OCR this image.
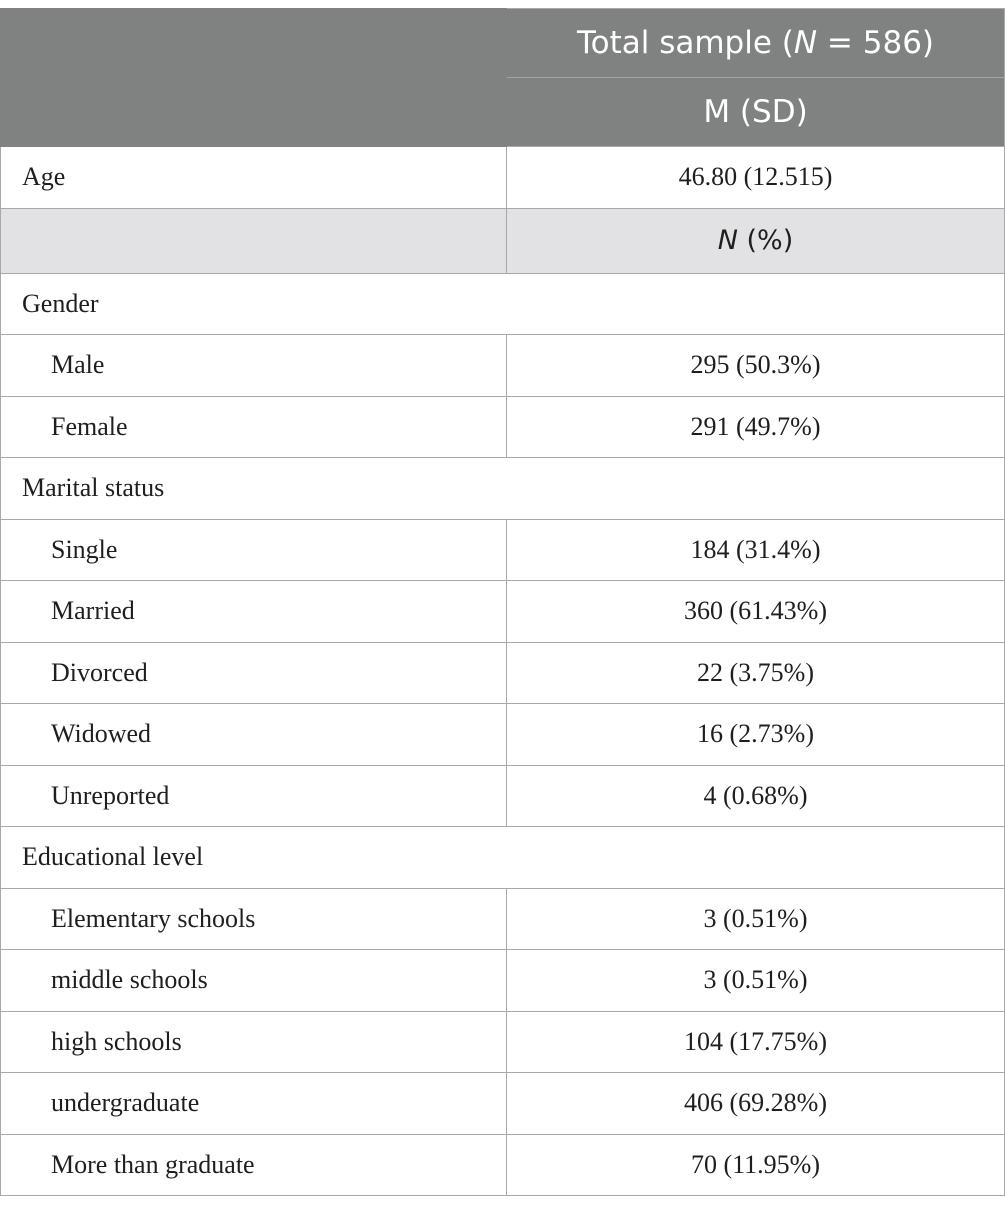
	Total sample (N = 586)
	M (SD)
Age	46.80 (12.515)
	N (%)
Gender	
Male	295 (50.3%)
Female	291 (49.7%)
Marital status	
Single	184 (31.4%)
Married	360 (61.43%)
Divorced	22 (3.75%)
Widowed	16 (2.73%)
Unreported	4 (0.68%)
Educational level	
Elementary schools	3 (0.51%)
middle schools	3 (0.51%)
high schools	104 (17.75%)
undergraduate	406 (69.28%)
More than graduate	70 (11.95%)
